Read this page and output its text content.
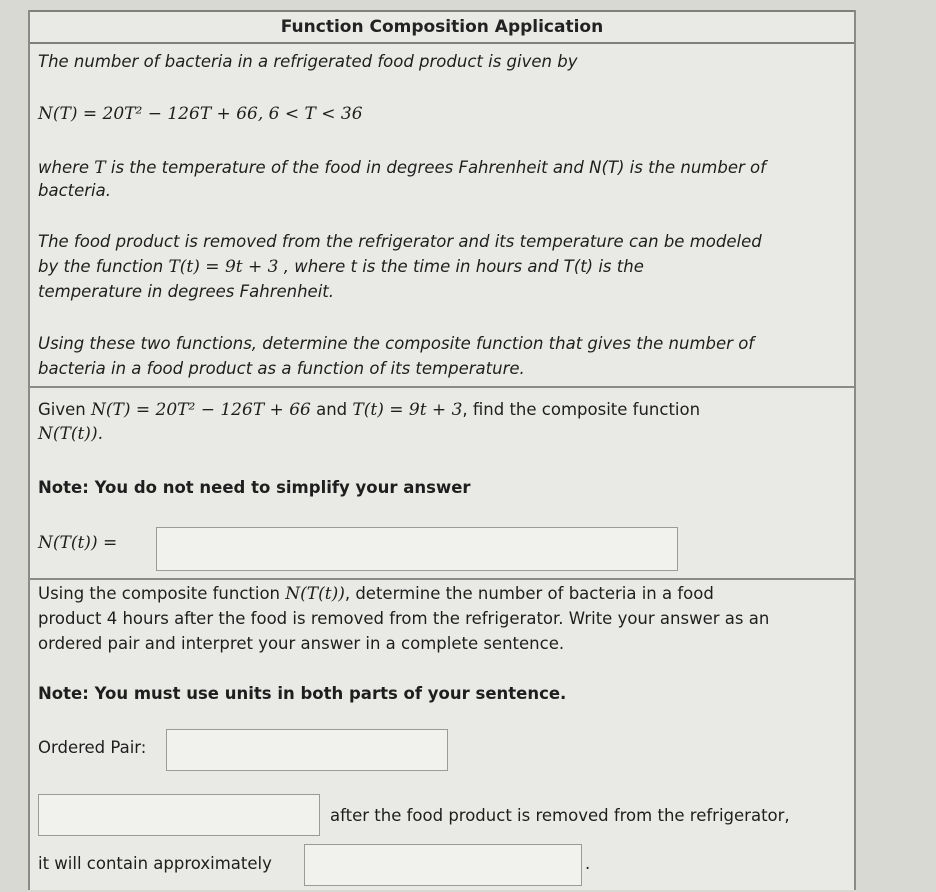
Function Composition Application
The number of bacteria in a refrigerated food product is given by
N(T) = 20T² − 126T + 66, 6 < T < 36
where T is the temperature of the food in degrees Fahrenheit and N(T) is the number of
bacteria.
The food product is removed from the refrigerator and its temperature can be modeled
by the function T(t) = 9t + 3 , where t is the time in hours and T(t) is the
temperature in degrees Fahrenheit.
Using these two functions, determine the composite function that gives the number of
bacteria in a food product as a function of its temperature.
Given N(T) = 20T² − 126T + 66 and T(t) = 9t + 3, find the composite function
N(T(t)).
Note: You do not need to simplify your answer
N(T(t)) =
Using the composite function N(T(t)), determine the number of bacteria in a food
product 4 hours after the food is removed from the refrigerator. Write your answer as an
ordered pair and interpret your answer in a complete sentence.
Note: You must use units in both parts of your sentence.
Ordered Pair:
after the food product is removed from the refrigerator,
it will contain approximately	.
